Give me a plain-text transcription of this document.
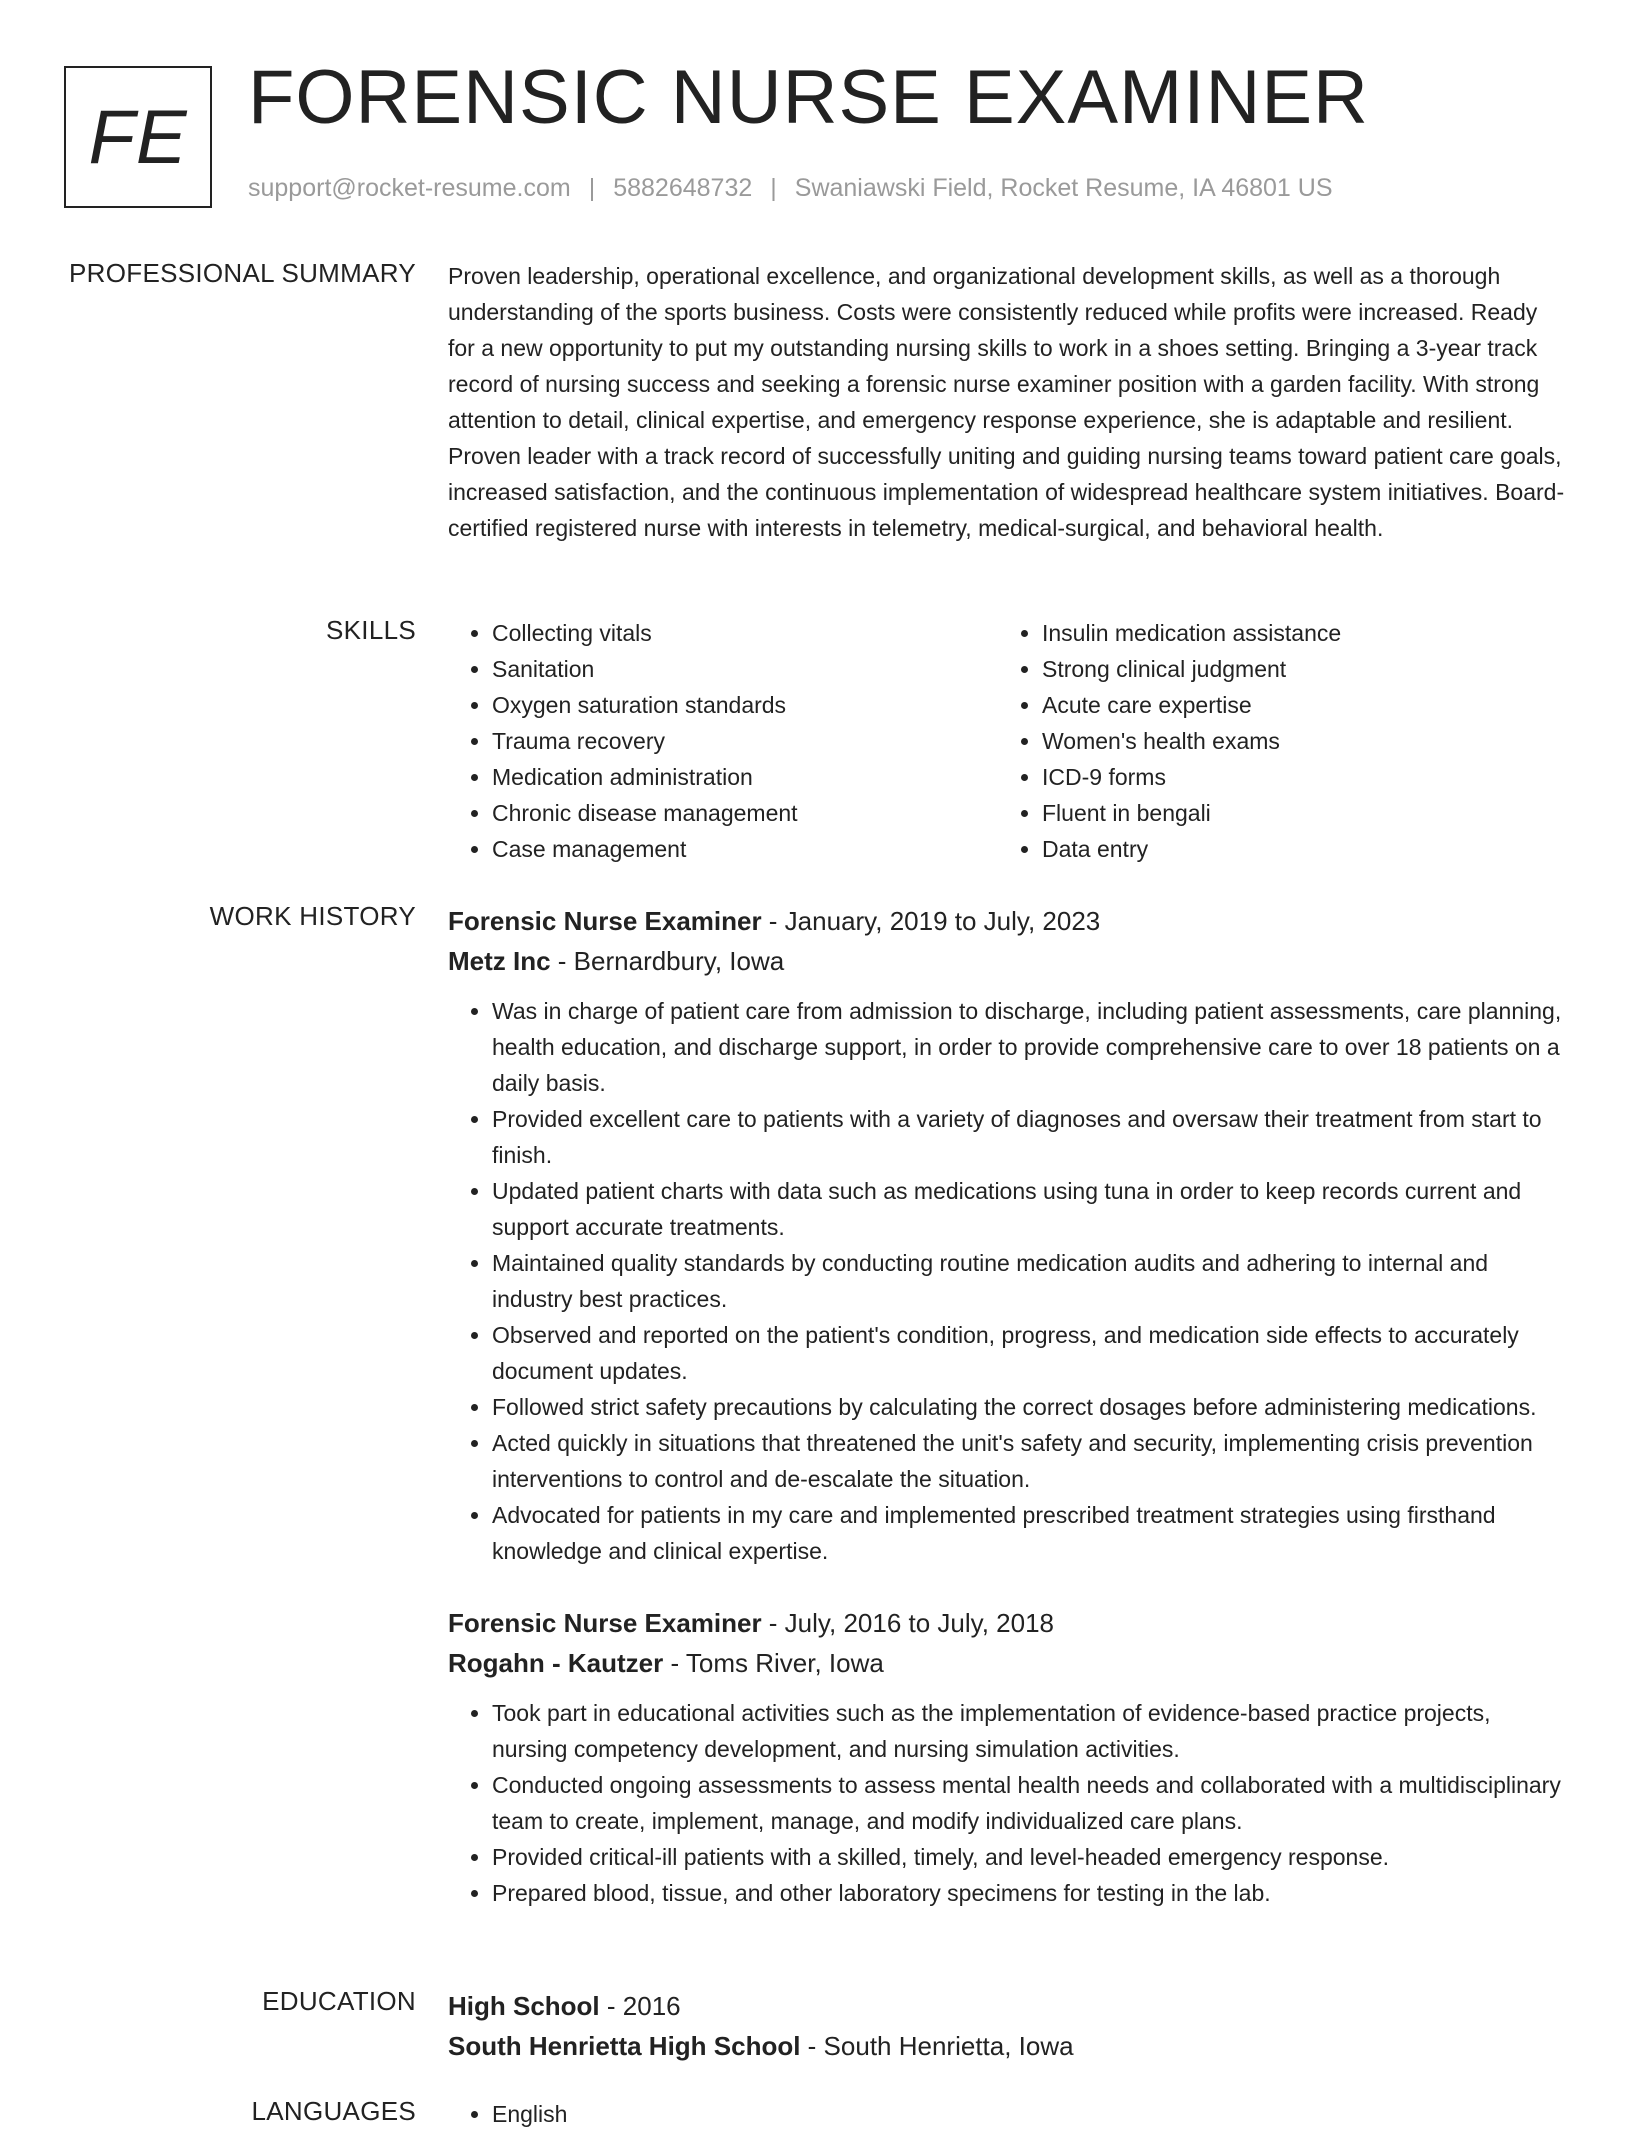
FE FORENSIC NURSE EXAMINER
support@rocket-resume.com | 5882648732 | Swaniawski Field, Rocket Resume, IA 46801 US
PROFESSIONAL SUMMARY Proven leadership, operational excellence, and organizational development skills, as well as a thorough understanding of the sports business. Costs were consistently reduced while profits were increased. Ready for a new opportunity to put my outstanding nursing skills to work in a shoes setting. Bringing a 3-year track record of nursing success and seeking a forensic nurse examiner position with a garden facility. With strong attention to detail, clinical expertise, and emergency response experience, she is adaptable and resilient. Proven leader with a track record of successfully uniting and guiding nursing teams toward patient care goals, increased satisfaction, and the continuous implementation of widespread healthcare system initiatives. Board-certified registered nurse with interests in telemetry, medical-surgical, and behavioral health.

SKILLS	• Collecting vitals
• Sanitation
• Oxygen saturation standards
• Trauma recovery
• Medication administration
• Chronic disease management
• Case management
• Insulin medication assistance
• Strong clinical judgment
• Acute care expertise
• Women's health exams
• ICD-9 forms
• Fluent in bengali
• Data entry
WORK HISTORY Forensic Nurse Examiner - January, 2019 to July, 2023
Metz Inc - Bernardbury, Iowa
• Was in charge of patient care from admission to discharge, including patient assessments, care planning, health education, and discharge support, in order to provide comprehensive care to over 18 patients on a daily basis.
• Provided excellent care to patients with a variety of diagnoses and oversaw their treatment from start to finish.
• Updated patient charts with data such as medications using tuna in order to keep records current and support accurate treatments.
• Maintained quality standards by conducting routine medication audits and adhering to internal and industry best practices.
• Observed and reported on the patient's condition, progress, and medication side effects to accurately document updates.
• Followed strict safety precautions by calculating the correct dosages before administering medications.
• Acted quickly in situations that threatened the unit's safety and security, implementing crisis prevention interventions to control and de-escalate the situation.
• Advocated for patients in my care and implemented prescribed treatment strategies using firsthand knowledge and clinical expertise.
Forensic Nurse Examiner - July, 2016 to July, 2018
Rogahn - Kautzer - Toms River, Iowa
• Took part in educational activities such as the implementation of evidence-based practice projects, nursing competency development, and nursing simulation activities.
• Conducted ongoing assessments to assess mental health needs and collaborated with a multidisciplinary team to create, implement, manage, and modify individualized care plans.
• Provided critical-ill patients with a skilled, timely, and level-headed emergency response.
• Prepared blood, tissue, and other laboratory specimens for testing in the lab.
EDUCATION High School - 2016
South Henrietta High School - South Henrietta, Iowa
LANGUAGES	• English
